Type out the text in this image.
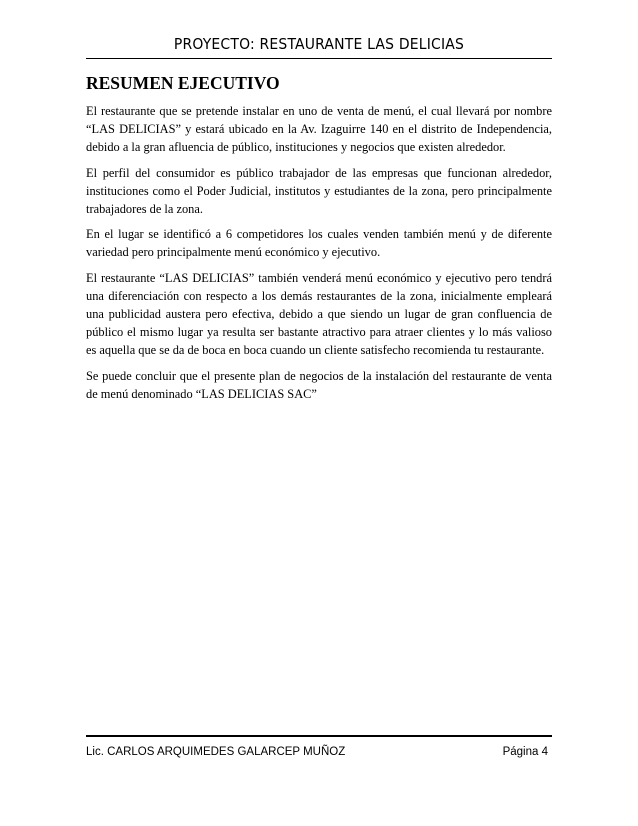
PROYECTO: RESTAURANTE LAS DELICIAS
RESUMEN EJECUTIVO

El restaurante que se pretende instalar en uno de venta de menú, el cual llevará por nombre “LAS DELICIAS” y estará ubicado en la Av. Izaguirre 140 en el distrito de Independencia, debido a la gran afluencia de público, instituciones y negocios que existen alrededor.

El perfil del consumidor es público trabajador de las empresas que funcionan alrededor, instituciones como el Poder Judicial, institutos y estudiantes de la zona, pero principalmente trabajadores de la zona.

En el lugar se identificó a 6 competidores los cuales venden también menú y de diferente variedad pero principalmente menú económico y ejecutivo.

El restaurante “LAS DELICIAS” también venderá menú económico y ejecutivo pero tendrá una diferenciación con respecto a los demás restaurantes de la zona, inicialmente empleará una publicidad austera pero efectiva, debido a que siendo un lugar de gran confluencia de público el mismo lugar ya resulta ser bastante atractivo para atraer clientes y lo más valioso es aquella que se da de boca en boca cuando un cliente satisfecho recomienda tu restaurante.

Se puede concluir que el presente plan de negocios de la instalación del restaurante de venta de menú denominado “LAS DELICIAS SAC”

Lic. CARLOS ARQUIMEDES GALARCEP MUÑOZ	Página 4
